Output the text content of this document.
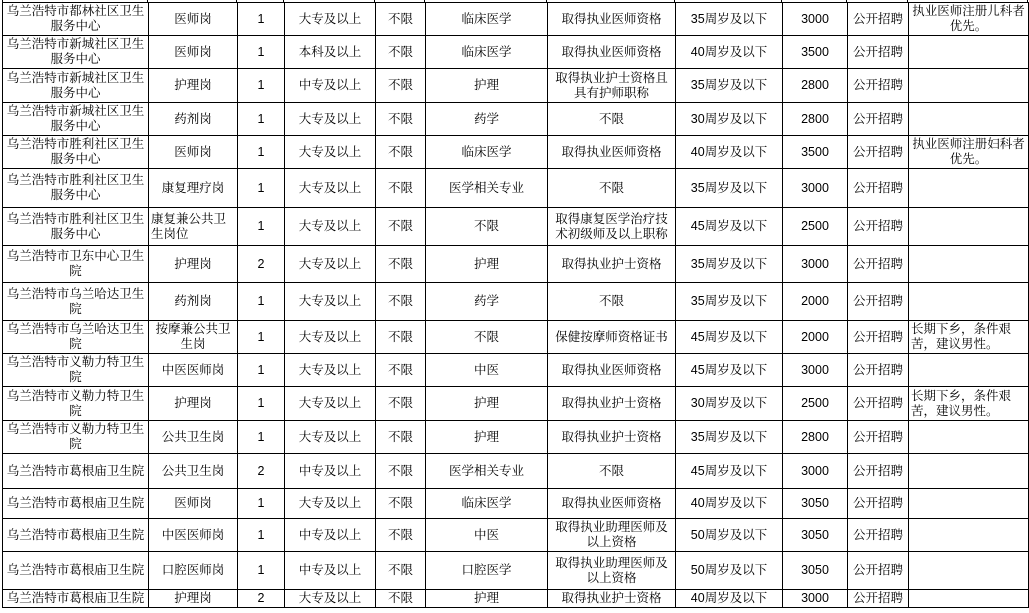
乌兰浩特市都林社区卫生服务中心	医师岗	1	大专及以上	不限	临床医学	取得执业医师资格	35周岁及以下	3000	公开招聘	执业医师注册儿科者优先。
乌兰浩特市新城社区卫生服务中心	医师岗	1	本科及以上	不限	临床医学	取得执业医师资格	40周岁及以下	3500	公开招聘	
乌兰浩特市新城社区卫生服务中心	护理岗	1	中专及以上	不限	护理	取得执业护士资格且具有护师职称	35周岁及以下	2800	公开招聘	
乌兰浩特市新城社区卫生服务中心	药剂岗	1	大专及以上	不限	药学	不限	30周岁及以下	2800	公开招聘	
乌兰浩特市胜利社区卫生服务中心	医师岗	1	大专及以上	不限	临床医学	取得执业医师资格	40周岁及以下	3500	公开招聘	执业医师注册妇科者优先。
乌兰浩特市胜利社区卫生服务中心	康复理疗岗	1	大专及以上	不限	医学相关专业	不限	35周岁及以下	3000	公开招聘	
乌兰浩特市胜利社区卫生服务中心	康复兼公共卫生岗位	1	大专及以上	不限	不限	取得康复医学治疗技术初级师及以上职称	45周岁及以下	2500	公开招聘	
乌兰浩特市卫东中心卫生院	护理岗	2	大专及以上	不限	护理	取得执业护士资格	35周岁及以下	3000	公开招聘	
乌兰浩特市乌兰哈达卫生院	药剂岗	1	大专及以上	不限	药学	不限	35周岁及以下	2000	公开招聘	
乌兰浩特市乌兰哈达卫生院	按摩兼公共卫生岗	1	大专及以上	不限	不限	保健按摩师资格证书	45周岁及以下	2000	公开招聘	长期下乡，条件艰苦，建议男性。
乌兰浩特市义勒力特卫生院	中医医师岗	1	大专及以上	不限	中医	取得执业医师资格	45周岁及以下	3000	公开招聘	
乌兰浩特市义勒力特卫生院	护理岗	1	大专及以上	不限	护理	取得执业护士资格	30周岁及以下	2500	公开招聘	长期下乡，条件艰苦，建议男性。
乌兰浩特市义勒力特卫生院	公共卫生岗	1	大专及以上	不限	护理	取得执业护士资格	35周岁及以下	2800	公开招聘	
乌兰浩特市葛根庙卫生院	公共卫生岗	2	中专及以上	不限	医学相关专业	不限	45周岁及以下	3000	公开招聘	
乌兰浩特市葛根庙卫生院	医师岗	1	大专及以上	不限	临床医学	取得执业医师资格	40周岁及以下	3050	公开招聘	
乌兰浩特市葛根庙卫生院	中医医师岗	1	中专及以上	不限	中医	取得执业助理医师及以上资格	50周岁及以下	3050	公开招聘	
乌兰浩特市葛根庙卫生院	口腔医师岗	1	中专及以上	不限	口腔医学	取得执业助理医师及以上资格	50周岁及以下	3050	公开招聘	
乌兰浩特市葛根庙卫生院	护理岗	2	大专及以上	不限	护理	取得执业护士资格	40周岁及以下	3000	公开招聘	
